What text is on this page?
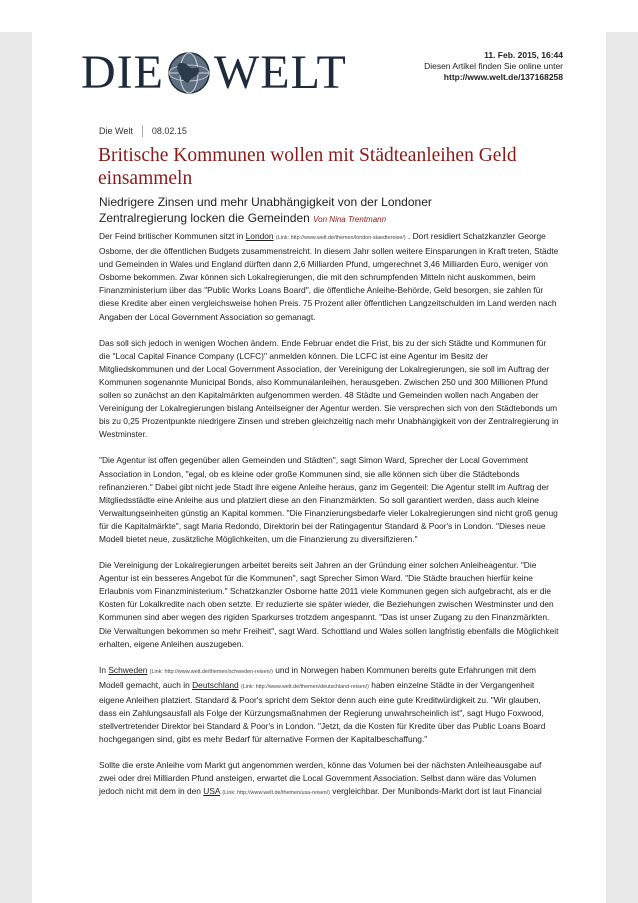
DIE WELT	11. Feb. 2015, 16:44
Diesen Artikel finden Sie online unter
http://www.welt.de/137168258
Die Welt 08.02.15
Britische Kommunen wollen mit Städteanleihen Geld einsammeln
Niedrigere Zinsen und mehr Unabhängigkeit von der Londoner Zentralregierung locken die Gemeinden Von Nina Trentmann

Der Feind britischer Kommunen sitzt in London (Link: http://www.welt.de/themen/london-staedtereise/) . Dort residiert Schatzkanzler George Osborne, der die öffentlichen Budgets zusammenstreicht. In diesem Jahr sollen weitere Einsparungen in Kraft treten, Städte und Gemeinden in Wales und England dürften dann 2,6 Milliarden Pfund, umgerechnet 3,46 Milliarden Euro, weniger von Osborne bekommen. Zwar können sich Lokalregierungen, die mit den schrumpfenden Mitteln nicht auskommen, beim Finanzministerium über das "Public Works Loans Board", die öffentliche Anleihe-Behörde, Geld besorgen, sie zahlen für diese Kredite aber einen vergleichsweise hohen Preis. 75 Prozent aller öffentlichen Langzeitschulden im Land werden nach Angaben der Local Government Association so gemanagt.

Das soll sich jedoch in wenigen Wochen ändern. Ende Februar endet die Frist, bis zu der sich Städte und Kommunen für die "Local Capital Finance Company (LCFC)" anmelden können. Die LCFC ist eine Agentur im Besitz der Mitgliedskommunen und der Local Government Association, der Vereinigung der Lokalregierungen, sie soll im Auftrag der Kommunen sogenannte Municipal Bonds, also Kommunalanleihen, herausgeben. Zwischen 250 und 300 Millionen Pfund sollen so zunächst an den Kapitalmärkten aufgenommen werden. 48 Städte und Gemeinden wollen nach Angaben der Vereinigung der Lokalregierungen bislang Anteilseigner der Agentur werden. Sie versprechen sich von den Städtebonds um bis zu 0,25 Prozentpunkte niedrigere Zinsen und streben gleichzeitig nach mehr Unabhängigkeit von der Zentralregierung in Westminster.

"Die Agentur ist offen gegenüber allen Gemeinden und Städten", sagt Simon Ward, Sprecher der Local Government Association in London, "egal, ob es kleine oder große Kommunen sind, sie alle können sich über die Städtebonds refinanzieren." Dabei gibt nicht jede Stadt ihre eigene Anleihe heraus, ganz im Gegenteil: Die Agentur stellt im Auftrag der Mitgliedsstädte eine Anleihe aus und platziert diese an den Finanzmärkten. So soll garantiert werden, dass auch kleine Verwaltungseinheiten günstig an Kapital kommen. "Die Finanzierungsbedarfe vieler Lokalregierungen sind nicht groß genug für die Kapitalmärkte", sagt Maria Redondo, Direktorin bei der Ratingagentur Standard & Poor's in London. "Dieses neue Modell bietet neue, zusätzliche Möglichkeiten, um die Finanzierung zu diversifizieren."

Die Vereinigung der Lokalregierungen arbeitet bereits seit Jahren an der Gründung einer solchen Anleiheagentur. "Die Agentur ist ein besseres Angebot für die Kommunen", sagt Sprecher Simon Ward. "Die Städte brauchen hierfür keine Erlaubnis vom Finanzministerium." Schatzkanzler Osborne hatte 2011 viele Kommunen gegen sich aufgebracht, als er die Kosten für Lokalkredite nach oben setzte. Er reduzierte sie später wieder, die Beziehungen zwischen Westminster und den Kommunen sind aber wegen des rigiden Sparkurses trotzdem angespannt. "Das ist unser Zugang zu den Finanzmärkten. Die Verwaltungen bekommen so mehr Freiheit", sagt Ward. Schottland und Wales sollen langfristig ebenfalls die Möglichkeit erhalten, eigene Anleihen auszugeben.

In Schweden (Link: http://www.welt.de/themen/schweden-reisen/) und in Norwegen haben Kommunen bereits gute Erfahrungen mit dem Modell gemacht, auch in Deutschland (Link: http://www.welt.de/themen/deutschland-reisen/) haben einzelne Städte in der Vergangenheit eigene Anleihen platziert. Standard & Poor's spricht dem Sektor denn auch eine gute Kreditwürdigkeit zu. "Wir glauben, dass ein Zahlungsausfall als Folge der Kürzungsmaßnahmen der Regierung unwahrscheinlich ist", sagt Hugo Foxwood, stellvertretender Direktor bei Standard & Poor's in London. "Jetzt, da die Kosten für Kredite über das Public Loans Board hochgegangen sind, gibt es mehr Bedarf für alternative Formen der Kapitalbeschaffung."

Sollte die erste Anleihe vom Markt gut angenommen werden, könne das Volumen bei der nächsten Anleiheausgabe auf zwei oder drei Milliarden Pfund ansteigen, erwartet die Local Government Association. Selbst dann wäre das Volumen jedoch nicht mit dem in den USA (Link: http://www.welt.de/themen/usa-reisen/) vergleichbar. Der Munibonds-Markt dort ist laut Financial
